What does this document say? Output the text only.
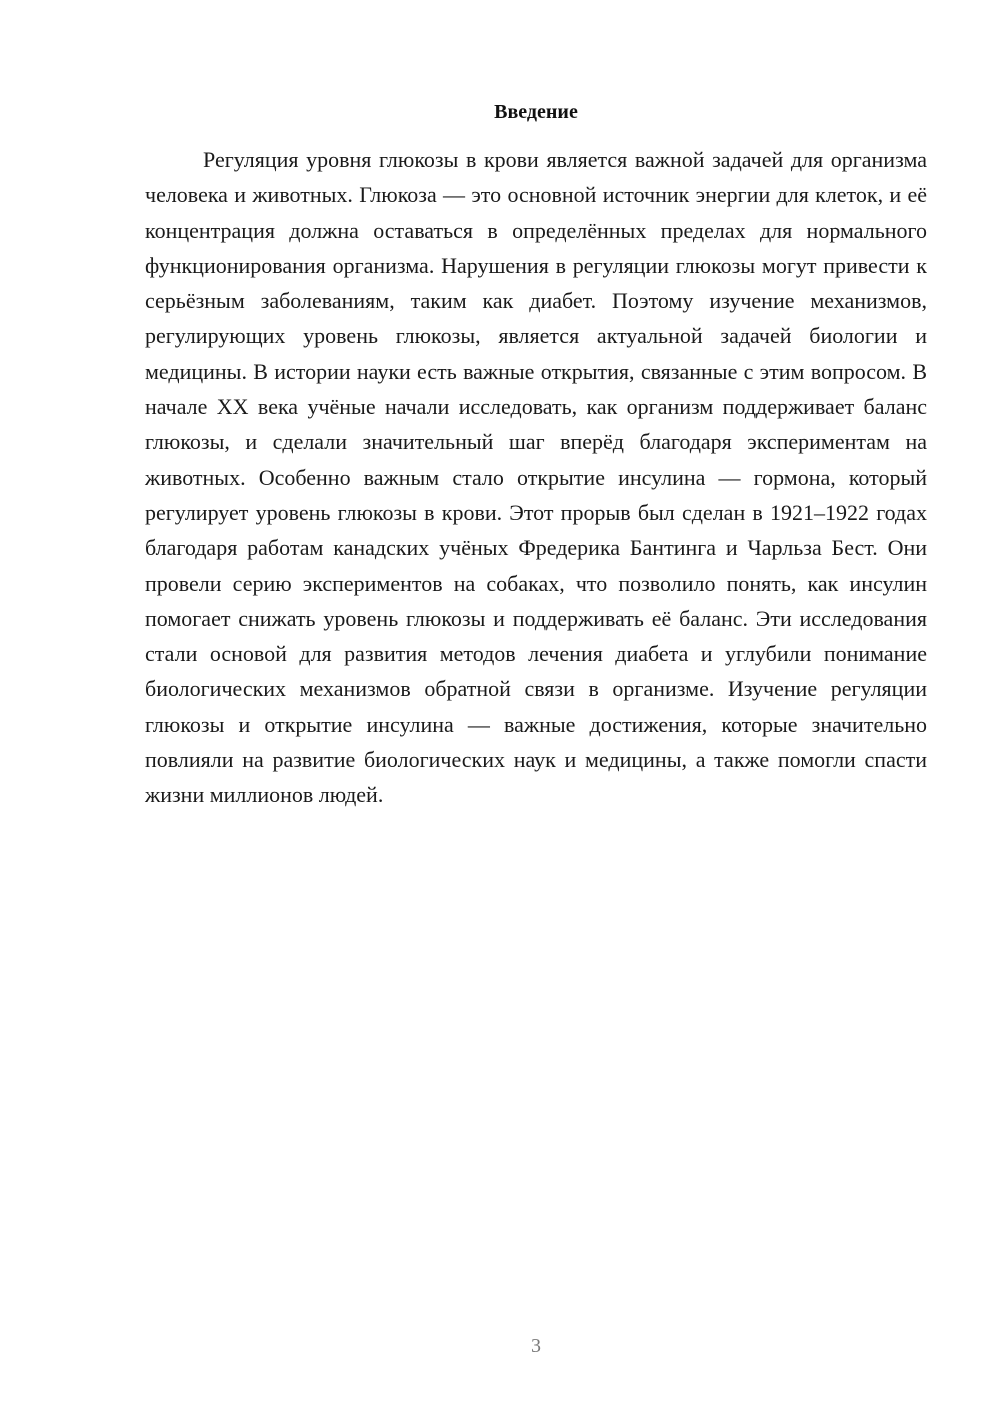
Введение

Регуляция уровня глюкозы в крови является важной задачей для организма человека и животных. Глюкоза — это основной источник энергии для клеток, и её концентрация должна оставаться в определённых пределах для нормального функционирования организма. Нарушения в регуляции глюкозы могут привести к серьёзным заболеваниям, таким как диабет. Поэтому изучение механизмов, регулирующих уровень глюкозы, является актуальной задачей биологии и медицины. В истории науки есть важные открытия, связанные с этим вопросом. В начале XX века учёные начали исследовать, как организм поддерживает баланс глюкозы, и сделали значительный шаг вперёд благодаря экспериментам на животных. Особенно важным стало открытие инсулина — гормона, который регулирует уровень глюкозы в крови. Этот прорыв был сделан в 1921–1922 годах благодаря работам канадских учёных Фредерика Бантинга и Чарльза Бест. Они провели серию экспериментов на собаках, что позволило понять, как инсулин помогает снижать уровень глюкозы и поддерживать её баланс. Эти исследования стали основой для развития методов лечения диабета и углубили понимание биологических механизмов обратной связи в организме. Изучение регуляции глюкозы и открытие инсулина — важные достижения, которые значительно повлияли на развитие биологических наук и медицины, а также помогли спасти жизни миллионов людей.

3
